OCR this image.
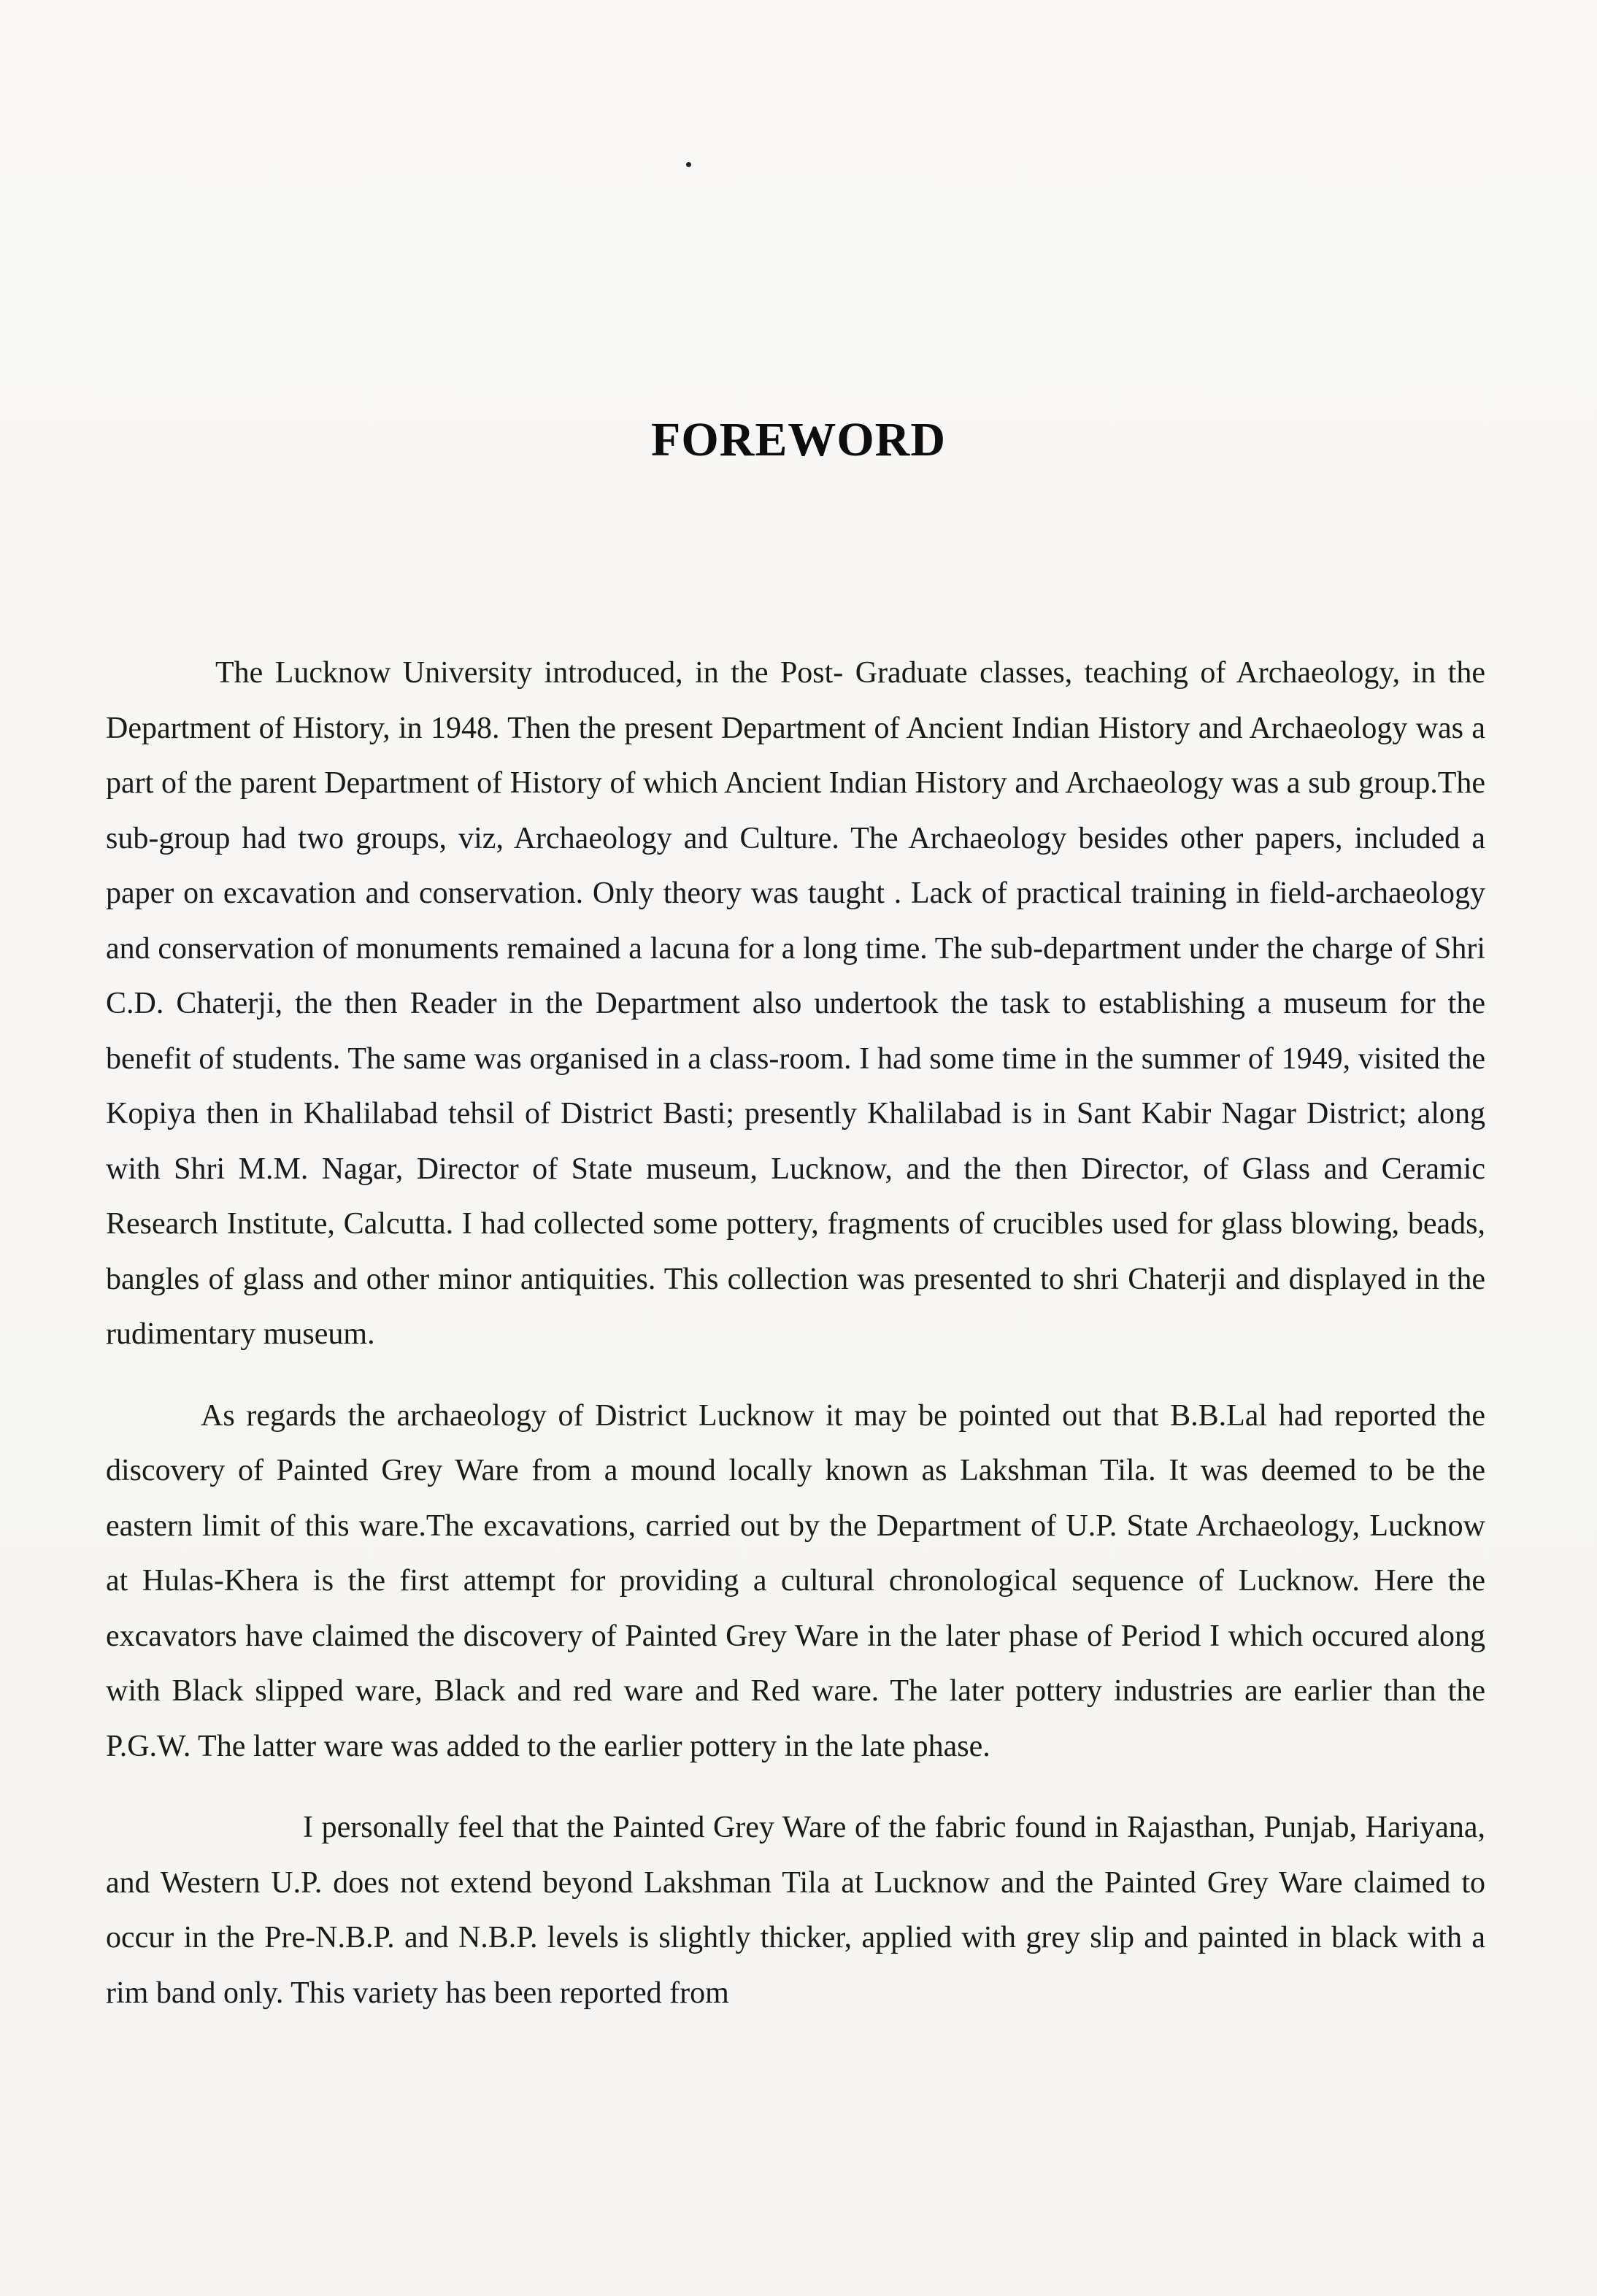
FOREWORD

The Lucknow University introduced, in the Post- Graduate classes, teaching of Archaeology, in the Department of History, in 1948. Then the present Department of Ancient Indian History and Archaeology was a part of the parent Department of History of which Ancient Indian History and Archaeology was a sub group.The sub-group had two groups, viz, Archaeology and Culture. The Archaeology besides other papers, included a paper on excavation and conservation. Only theory was taught . Lack of practical training in field-archaeology and conservation of monuments remained a lacuna for a long time. The sub-department under the charge of Shri C.D. Chaterji, the then Reader in the Department also undertook the task to establishing a museum for the benefit of students. The same was organised in a class-room. I had some time in the summer of 1949, visited the Kopiya then in Khalilabad tehsil of District Basti; presently Khalilabad is in Sant Kabir Nagar District; along with Shri M.M. Nagar, Director of State museum, Lucknow, and the then Director, of Glass and Ceramic Research Institute, Calcutta. I had collected some pottery, fragments of crucibles used for glass blowing, beads, bangles of glass and other minor antiquities. This collection was presented to shri Chaterji and displayed in the rudimentary museum.

As regards the archaeology of District Lucknow it may be pointed out that B.B.Lal had reported the discovery of Painted Grey Ware from a mound locally known as Lakshman Tila. It was deemed to be the eastern limit of this ware.The excavations, carried out by the Department of U.P. State Archaeology, Lucknow at Hulas-Khera is the first attempt for providing a cultural chronological sequence of Lucknow. Here the excavators have claimed the discovery of Painted Grey Ware in the later phase of Period I which occured along with Black slipped ware, Black and red ware and Red ware. The later pottery industries are earlier than the P.G.W. The latter ware was added to the earlier pottery in the late phase.

I personally feel that the Painted Grey Ware of the fabric found in Rajasthan, Punjab, Hariyana, and Western U.P. does not extend beyond Lakshman Tila at Lucknow and the Painted Grey Ware claimed to occur in the Pre-N.B.P. and N.B.P. levels is slightly thicker, applied with grey slip and painted in black with a rim band only. This variety has been reported from
